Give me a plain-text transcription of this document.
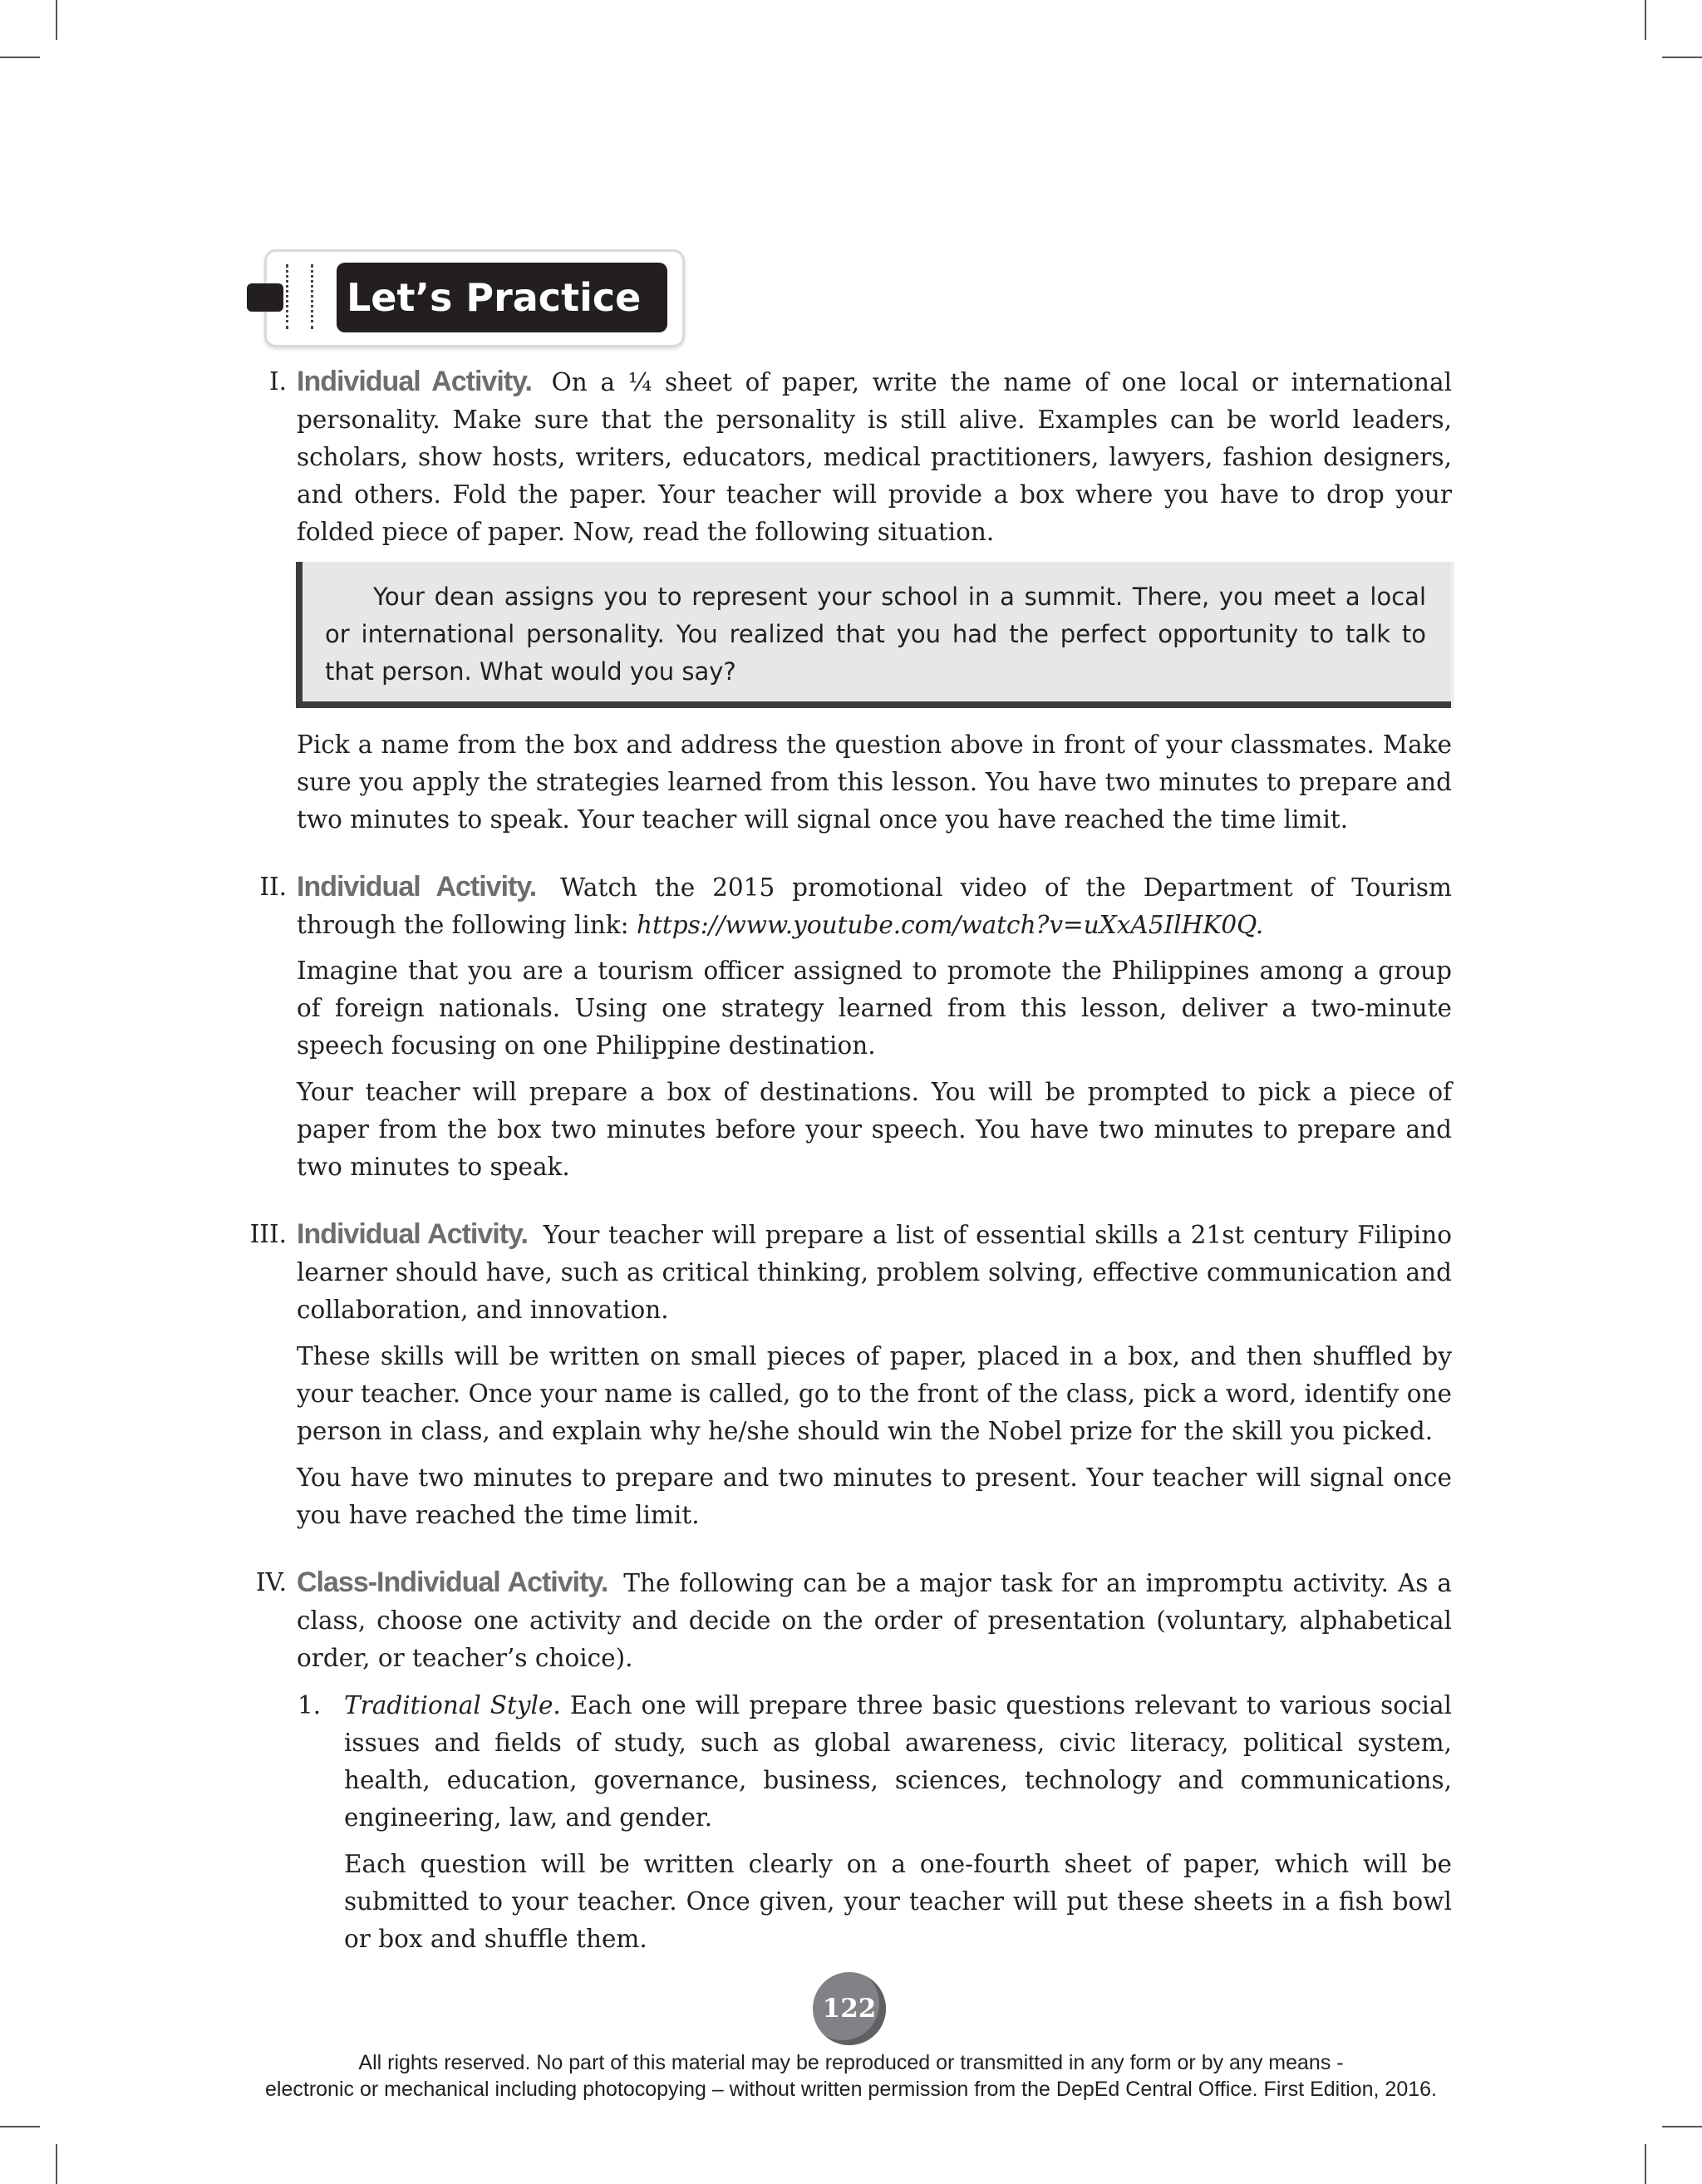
Let’s Practice
I. Individual Activity. On a ¼ sheet of paper, write the name of one local or international personality. Make sure that the personality is still alive. Examples can be world leaders, scholars, show hosts, writers, educators, medical practitioners, lawyers, fashion designers, and others. Fold the paper. Your teacher will provide a box where you have to drop your folded piece of paper. Now, read the following situation.

Your dean assigns you to represent your school in a summit. There, you meet a local or international personality. You realized that you had the perfect opportunity to talk to that person. What would you say?

Pick a name from the box and address the question above in front of your classmates. Make sure you apply the strategies learned from this lesson. You have two minutes to prepare and two minutes to speak. Your teacher will signal once you have reached the time limit.

II. Individual Activity. Watch the 2015 promotional video of the Department of Tourism through the following link: https://www.youtube.com/watch?v=uXxA5IlHK0Q.

Imagine that you are a tourism officer assigned to promote the Philippines among a group of foreign nationals. Using one strategy learned from this lesson, deliver a two-minute speech focusing on one Philippine destination.

Your teacher will prepare a box of destinations. You will be prompted to pick a piece of paper from the box two minutes before your speech. You have two minutes to prepare and two minutes to speak.

III. Individual Activity. Your teacher will prepare a list of essential skills a 21st century Filipino learner should have, such as critical thinking, problem solving, effective communication and collaboration, and innovation.

These skills will be written on small pieces of paper, placed in a box, and then shuffled by your teacher. Once your name is called, go to the front of the class, pick a word, identify one person in class, and explain why he/she should win the Nobel prize for the skill you picked.

You have two minutes to prepare and two minutes to present. Your teacher will signal once you have reached the time limit.

IV. Class-Individual Activity. The following can be a major task for an impromptu activity. As a class, choose one activity and decide on the order of presentation (voluntary, alphabetical order, or teacher’s choice).

1. Traditional Style. Each one will prepare three basic questions relevant to various social issues and fields of study, such as global awareness, civic literacy, political system, health, education, governance, business, sciences, technology and communications, engineering, law, and gender.

Each question will be written clearly on a one-fourth sheet of paper, which will be submitted to your teacher. Once given, your teacher will put these sheets in a fish bowl or box and shuffle them.

122
All rights reserved. No part of this material may be reproduced or transmitted in any form or by any means -
electronic or mechanical including photocopying – without written permission from the DepEd Central Office. First Edition, 2016.
